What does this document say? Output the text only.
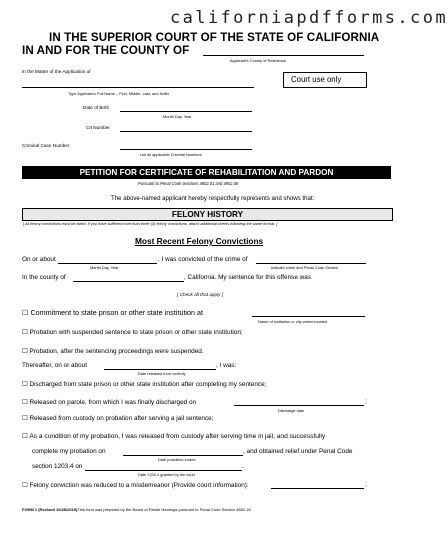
californiapdfforms.com
IN THE SUPERIOR COURT OF THE STATE OF CALIFORNIA
IN AND FOR THE COUNTY OF
Applicant's County of Residence
In the Matter of the Application of
Court use only
Type Applicant's Full Name – First, Middle, Last, and Suffix
Date of Birth
Month Day, Year
CII Number
Criminal Case Number
List all applicable Criminal Numbers
PETITION FOR CERTIFICATE OF REHABILITATION AND PARDON
Pursuant to Penal Code Sections 4852.01 and 4852.06
The above-named applicant hereby respectfully represents and shows that:
FELONY HISTORY
[ All felony convictions must be listed. If you have suffered more than three (3) felony convictions, attach additional sheets following the same format. ]
Most Recent Felony Convictions
On or about	, I was convicted of the crime of
Month Day, Year	Indicate crime and Penal Code Section
In the county of	, California. My sentence for this offense was
[ Check all that apply ]
☐ Commitment to state prison or other state institution at
Name of institution or city where located
☐ Probation with suspended sentence to state prison or other state institution;
☐ Probation, after the sentencing proceedings were suspended.
Thereafter, on or about	, I was:
Date released from custody
☐ Discharged from state prison or other state institution after completing my sentence;
☐ Released on parole, from which I was finally discharged on	;
Discharge date
☐ Released from custody on probation after serving a jail sentence;
☐ As a condition of my probation, I was released from custody after serving time in jail, and successfully
complete my probation on	, and obtained relief under Penal Code
Date probation ended
section 1203.4 on	.
Date 1203.4 granted by the court
☐ Felony conviction was reduced to a misdemeanor (Provide court information):	;
FORM 1 (Revised 10/25/2019)This form was prepared by the Board of Parole Hearings pursuant to Penal Code Section 4852.18
